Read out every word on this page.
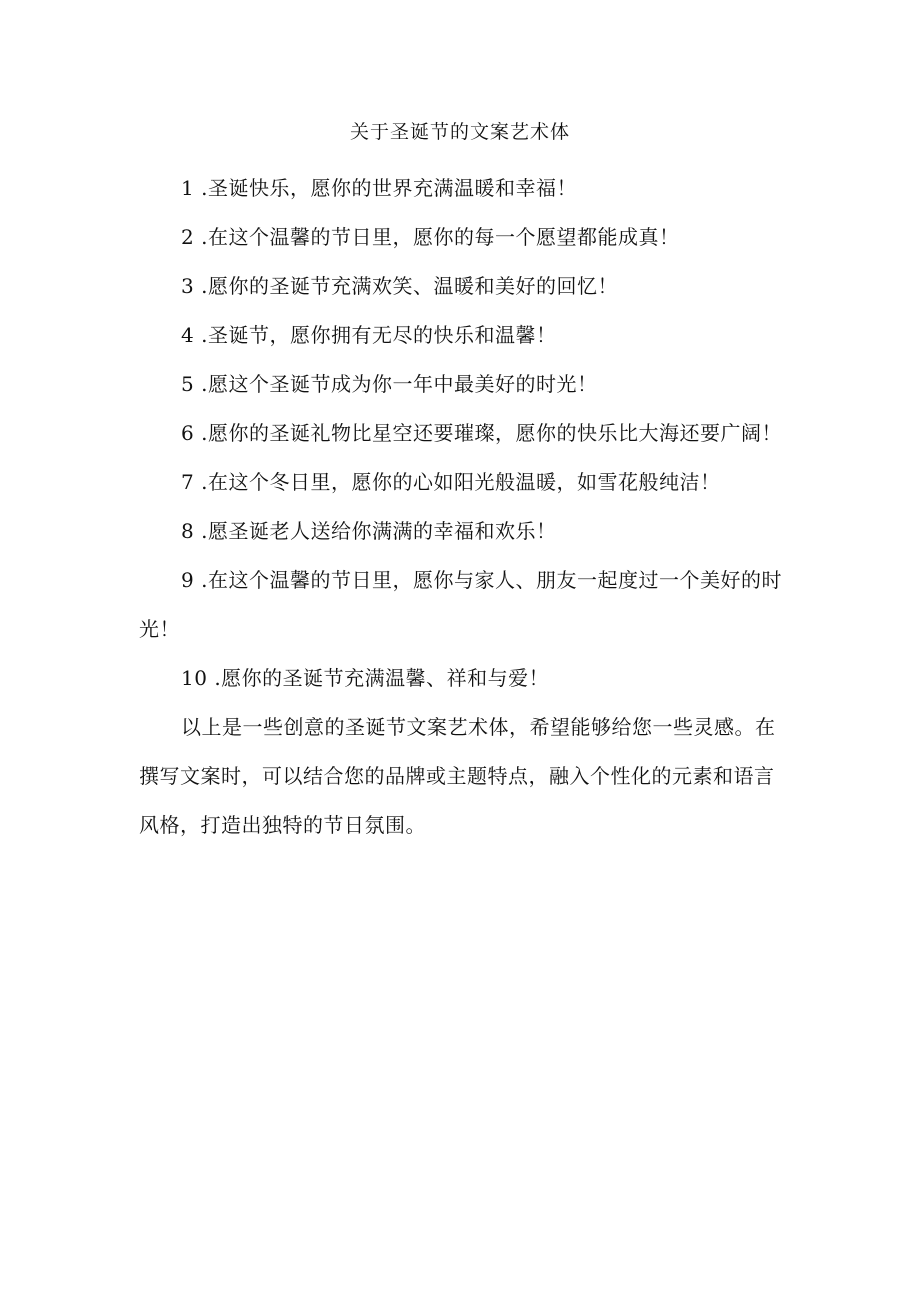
关于圣诞节的文案艺术体

1 .圣诞快乐，愿你的世界充满温暖和幸福！

2 .在这个温馨的节日里，愿你的每一个愿望都能成真！

3 .愿你的圣诞节充满欢笑、温暖和美好的回忆！

4 .圣诞节，愿你拥有无尽的快乐和温馨！

5 .愿这个圣诞节成为你一年中最美好的时光！

6 .愿你的圣诞礼物比星空还要璀璨，愿你的快乐比大海还要广阔！

7 .在这个冬日里，愿你的心如阳光般温暖，如雪花般纯洁！

8 .愿圣诞老人送给你满满的幸福和欢乐！

9 .在这个温馨的节日里，愿你与家人、朋友一起度过一个美好的时光！

10 .愿你的圣诞节充满温馨、祥和与爱！

以上是一些创意的圣诞节文案艺术体，希望能够给您一些灵感。在撰写文案时，可以结合您的品牌或主题特点，融入个性化的元素和语言风格，打造出独特的节日氛围。
